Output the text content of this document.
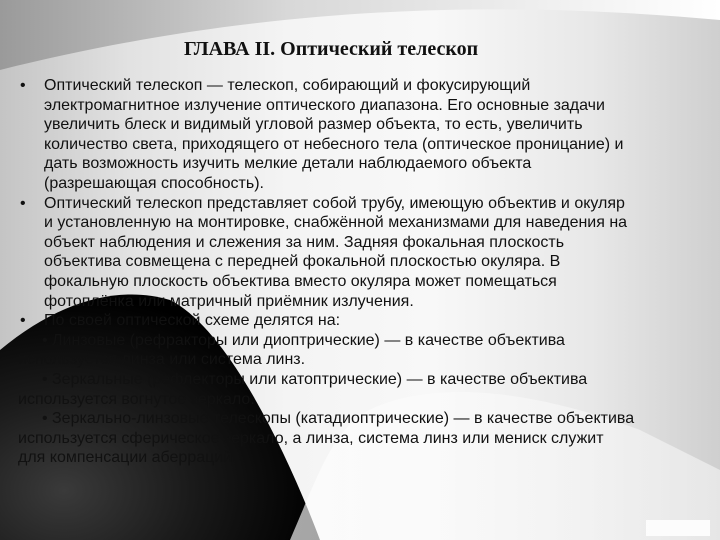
ГЛАВА II. Оптический телескоп
• Оптический телескоп — телескоп, собирающий и фокусирующий
электромагнитное излучение оптического диапазона. Его основные задачи
увеличить блеск и видимый угловой размер объекта, то есть, увеличить
количество света, приходящего от небесного тела (оптическое проницание) и
дать возможность изучить мелкие детали наблюдаемого объекта
(разрешающая способность).
• Оптический телескоп представляет собой трубу, имеющую объектив и окуляр
и установленную на монтировке, снабжённой механизмами для наведения на
объект наблюдения и слежения за ним. Задняя фокальная плоскость
объектива совмещена с передней фокальной плоскостью окуляра. В
фокальную плоскость объектива вместо окуляра может помещаться
фотоплёнка или матричный приёмник излучения.
• По своей оптической схеме делятся на:
• Линзовые (рефракторы или диоптрические) — в качестве объектива
используется линза или система линз.
• Зеркальные (рефлекторы или катоптрические) — в качестве объектива
используется вогнутое зеркало.
• Зеркально-линзовые телескопы (катадиоптрические) — в качестве объектива
используется сферическое зеркало, а линза, система линз или мениск служит
для компенсации аберраций.
